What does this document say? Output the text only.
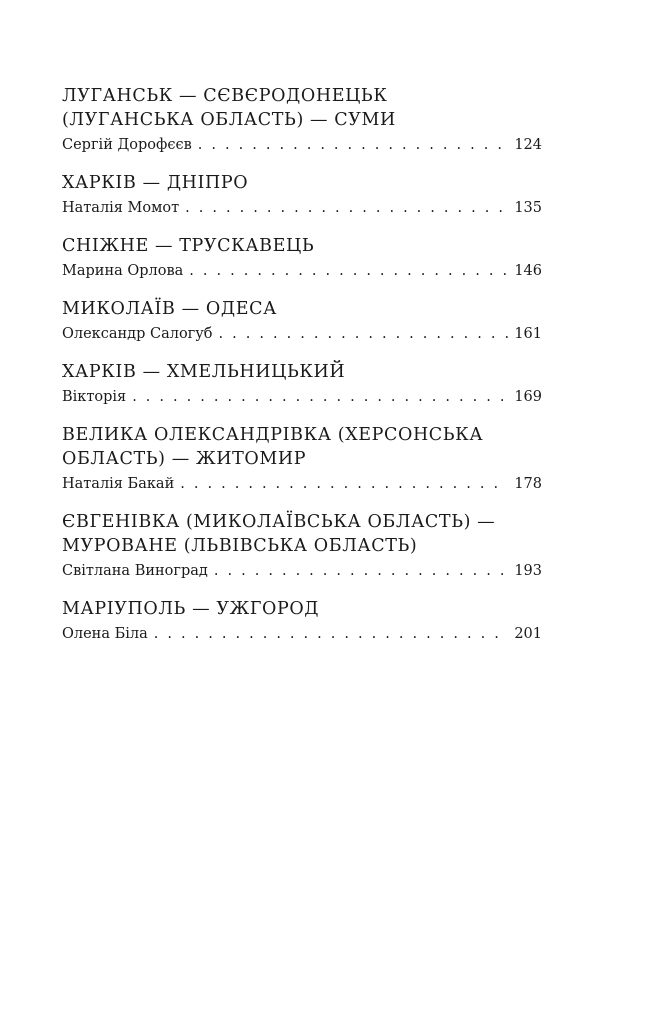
ЛУГАНСЬК — СЄВЄРОДОНЕЦЬК
(ЛУГАНСЬКА ОБЛАСТЬ) — СУМИ
Сергій Дорофєєв . . .	124
ХАРКІВ — ДНІПРО
Наталія Момот . . .	135
СНІЖНЕ — ТРУСКАВЕЦЬ
Марина Орлова . . .	146
МИКОЛАЇВ — ОДЕСА
Олександр Салогуб . . .	161
ХАРКІВ — ХМЕЛЬНИЦЬКИЙ
Вікторія . . .	169
ВЕЛИКА ОЛЕКСАНДРІВКА (ХЕРСОНСЬКА
ОБЛАСТЬ) — ЖИТОМИР
Наталія Бакай . . .	178
ЄВГЕНІВКА (МИКОЛАЇВСЬКА ОБЛАСТЬ) —
МУРОВАНЕ (ЛЬВІВСЬКА ОБЛАСТЬ)
Світлана Виноград . . .	193
МАРІУПОЛЬ — УЖГОРОД
Олена Біла . . .	201
